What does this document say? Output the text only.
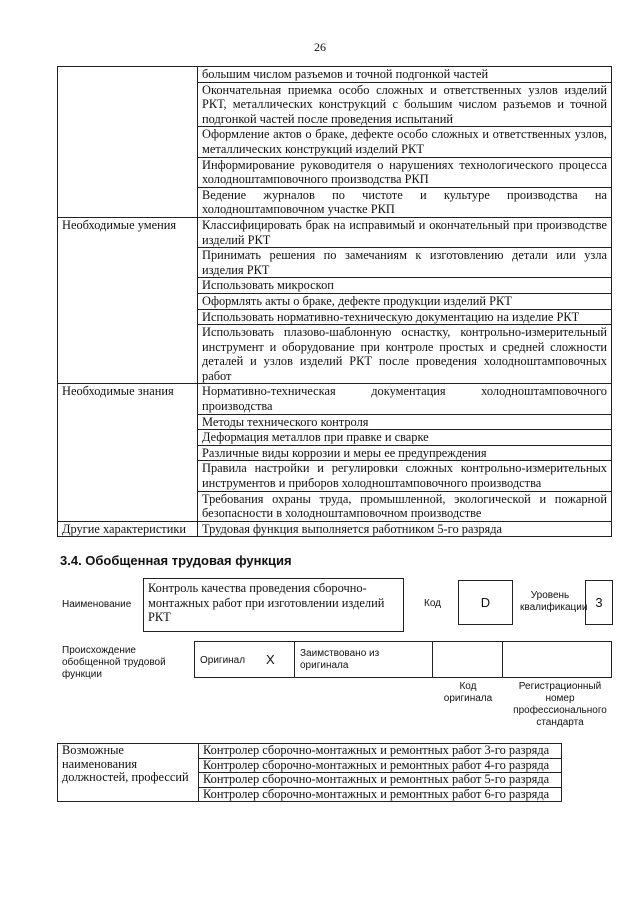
26
	большим числом разъемов и точной подгонкой частей
	Окончательная приемка особо сложных и ответственных узлов изделий РКТ, металлических конструкций с большим числом разъемов и точной подгонкой частей после проведения испытаний
	Оформление актов о браке, дефекте особо сложных и ответственных узлов, металлических конструкций изделий РКТ
	Информирование руководителя о нарушениях технологического процесса холодноштамповочного производства РКП
	Ведение журналов по чистоте и культуре производства на холодноштамповочном участке РКП
Необходимые умения	Классифицировать брак на исправимый и окончательный при производстве изделий РКТ
	Принимать решения по замечаниям к изготовлению детали или узла изделия РКТ
	Использовать микроскоп
	Оформлять акты о браке, дефекте продукции изделий РКТ
	Использовать нормативно-техническую документацию на изделие РКТ
	Использовать плазово-шаблонную оснастку, контрольно-измерительный инструмент и оборудование при контроле простых и средней сложности деталей и узлов изделий РКТ после проведения холодноштамповочных работ
Необходимые знания	Нормативно-техническая документация холодноштамповочного производства
	Методы технического контроля
	Деформация металлов при правке и сварке
	Различные виды коррозии и меры ее предупреждения
	Правила настройки и регулировки сложных контрольно-измерительных инструментов и приборов холодноштамповочного производства
	Требования охраны труда, промышленной, экологической и пожарной безопасности в холодноштамповочном производстве
Другие характеристики	Трудовая функция выполняется работником 5-го разряда
3.4. Обобщенная трудовая функция
Наименование
Контроль качества проведения сборочно-монтажных работ при изготовлении изделий РКТ
Код	D	Уровень квалификации 3
Происхождение обобщенной трудовой функции
Оригинал X	Заимствовано из оригинала
Код оригинала
Регистрационный номер профессионального стандарта
Возможные наименования должностей, профессий	Контролер сборочно-монтажных и ремонтных работ 3-го разряда
Контролер сборочно-монтажных и ремонтных работ 4-го разряда
Контролер сборочно-монтажных и ремонтных работ 5-го разряда
Контролер сборочно-монтажных и ремонтных работ 6-го разряда
